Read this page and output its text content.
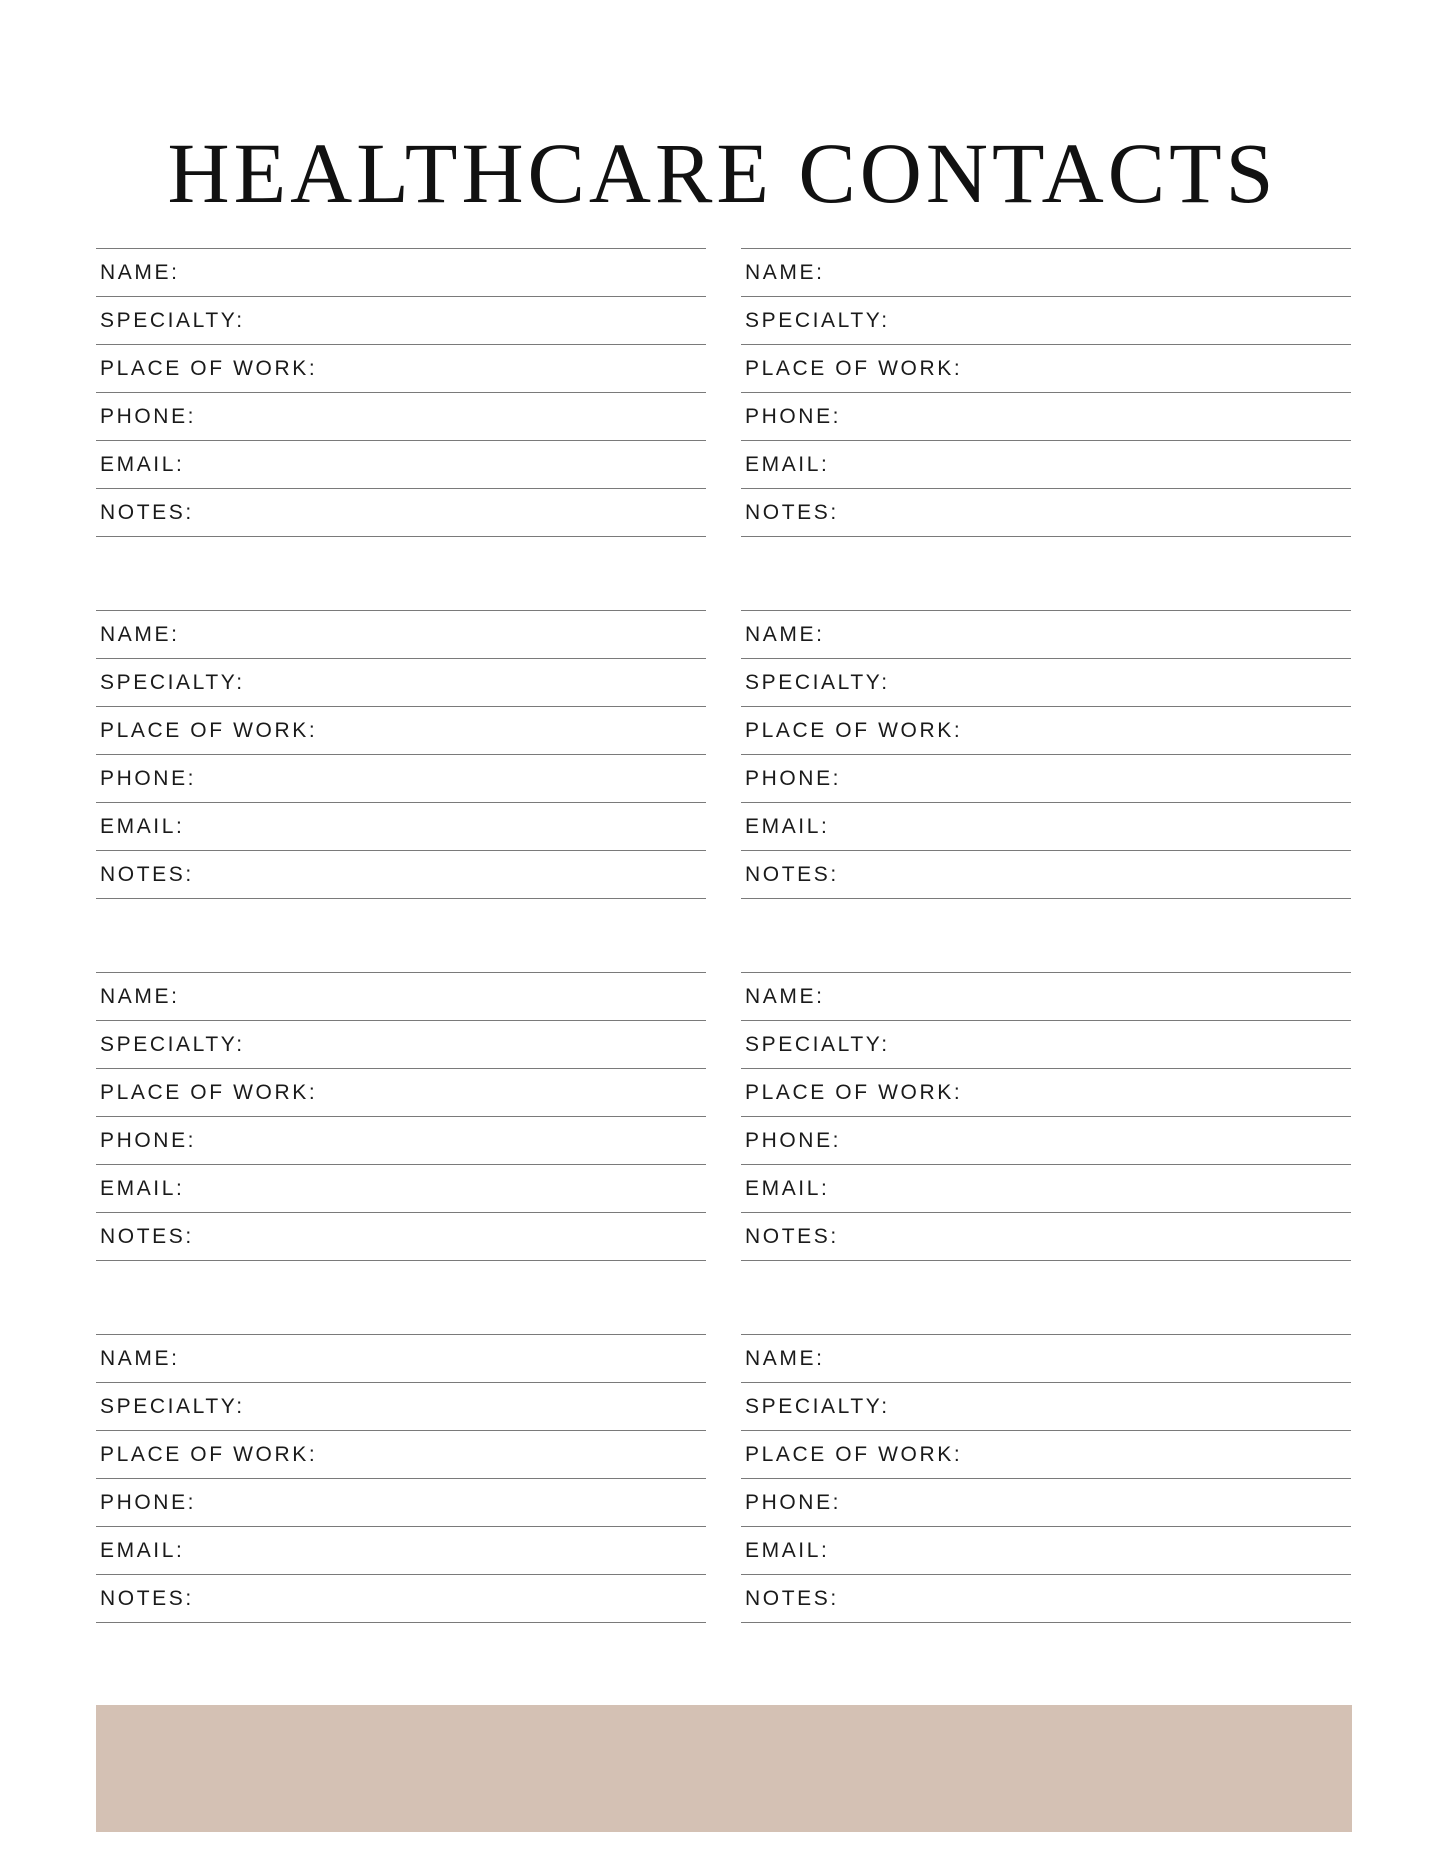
HEALTHCARE CONTACTS
NAME:
SPECIALTY:
PLACE OF WORK:
PHONE:
EMAIL:
NOTES:
NAME:
SPECIALTY:
PLACE OF WORK:
PHONE:
EMAIL:
NOTES:
NAME:
SPECIALTY:
PLACE OF WORK:
PHONE:
EMAIL:
NOTES:
NAME:
SPECIALTY:
PLACE OF WORK:
PHONE:
EMAIL:
NOTES:
NAME:
SPECIALTY:
PLACE OF WORK:
PHONE:
EMAIL:
NOTES:
NAME:
SPECIALTY:
PLACE OF WORK:
PHONE:
EMAIL:
NOTES:
NAME:
SPECIALTY:
PLACE OF WORK:
PHONE:
EMAIL:
NOTES:
NAME:
SPECIALTY:
PLACE OF WORK:
PHONE:
EMAIL:
NOTES:
